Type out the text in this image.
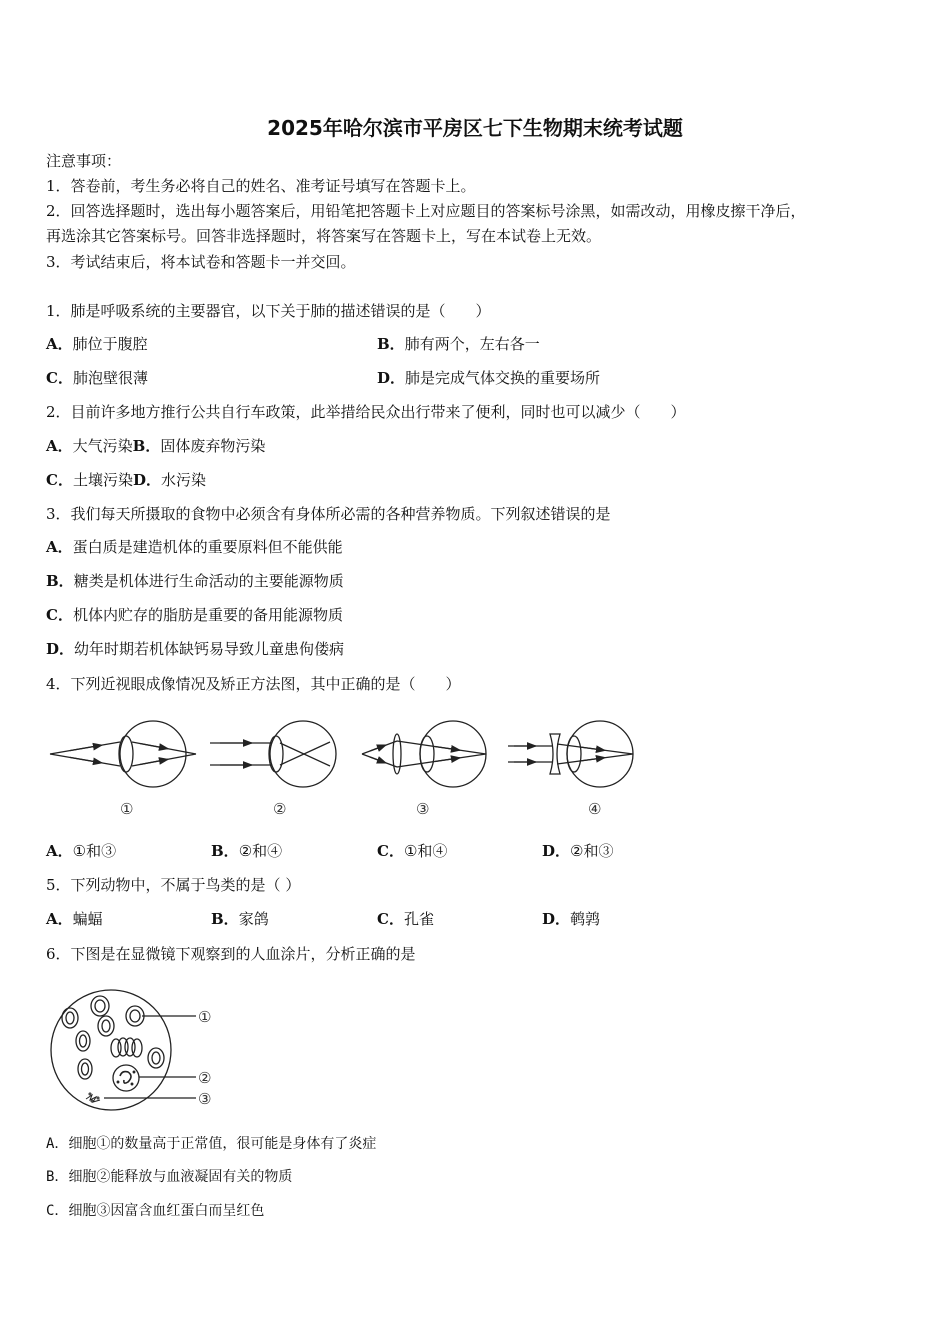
2025年哈尔滨市平房区七下生物期末统考试题
注意事项：
1．答卷前，考生务必将自己的姓名、准考证号填写在答题卡上。
2．回答选择题时，选出每小题答案后，用铅笔把答题卡上对应题目的答案标号涂黑，如需改动，用橡皮擦干净后，
再选涂其它答案标号。回答非选择题时，将答案写在答题卡上，写在本试卷上无效。
3．考试结束后，将本试卷和答题卡一并交回。
1．肺是呼吸系统的主要器官，以下关于肺的描述错误的是（　　）
A．肺位于腹腔	B．肺有两个，左右各一
C．肺泡壁很薄	D．肺是完成气体交换的重要场所
2．目前许多地方推行公共自行车政策，此举措给民众出行带来了便利，同时也可以减少（　　）
A．大气污染B．固体废弃物污染
C．土壤污染D．水污染
3．我们每天所摄取的食物中必须含有身体所必需的各种营养物质。下列叙述错误的是
A．蛋白质是建造机体的重要原料但不能供能
B．糖类是机体进行生命活动的主要能源物质
C．机体内贮存的脂肪是重要的备用能源物质
D．幼年时期若机体缺钙易导致儿童患佝偻病
4．下列近视眼成像情况及矫正方法图，其中正确的是（　　）
①	②	③	④
A．①和③	B．②和④	C．①和④	D．②和③
5．下列动物中，不属于鸟类的是（ ）
A．蝙蝠	B．家鸽	C．孔雀	D．鹌鹑
6．下图是在显微镜下观察到的人血涂片，分析正确的是
①
②
③
A．细胞①的数量高于正常值，很可能是身体有了炎症
B．细胞②能释放与血液凝固有关的物质
C．细胞③因富含血红蛋白而呈红色
